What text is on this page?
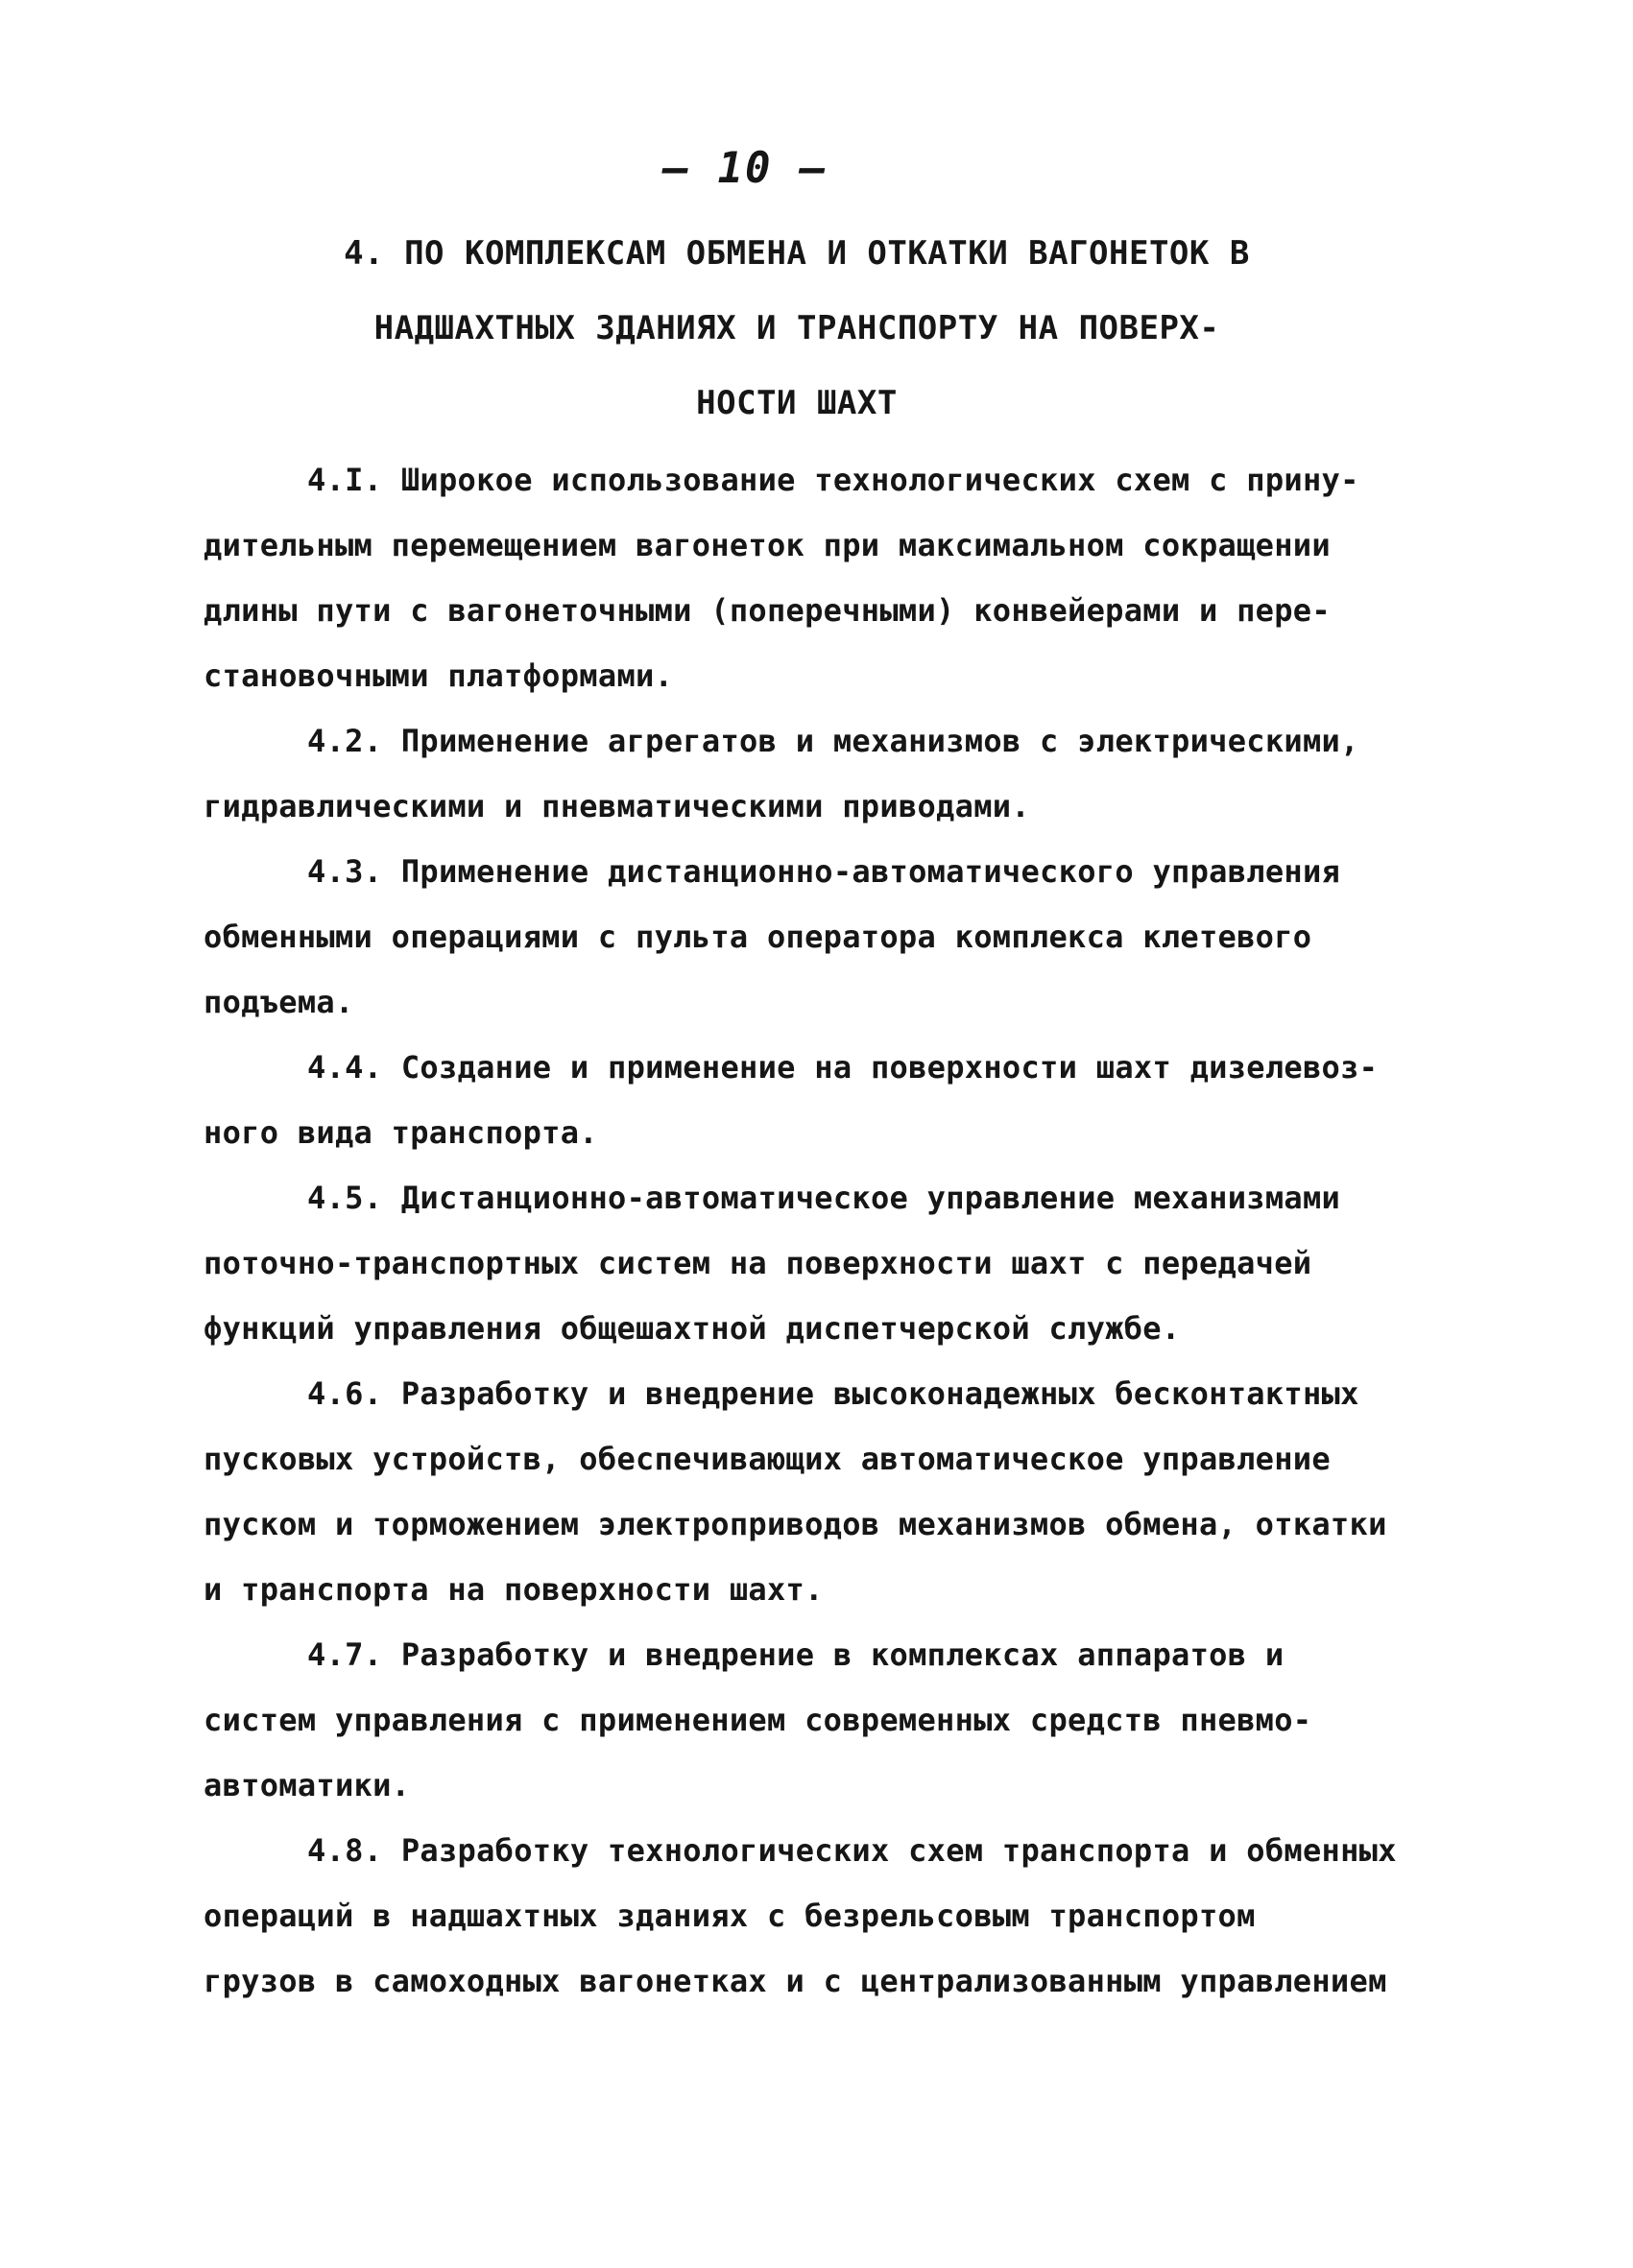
– 10 –
4. ПО КОМПЛЕКСАМ ОБМЕНА И ОТКАТКИ ВАГОНЕТОК В
НАДШАХТНЫХ ЗДАНИЯХ И ТРАНСПОРТУ НА ПОВЕРХ-
НОСТИ ШАХТ
4.I. Широкое использование технологических схем с прину-
дительным перемещением вагонеток при максимальном сокращении
длины пути с вагонеточными (поперечными) конвейерами и пере-
становочными платформами.
4.2. Применение агрегатов и механизмов с электрическими,
гидравлическими и пневматическими приводами.
4.3. Применение дистанционно-автоматического управления
обменными операциями с пульта оператора комплекса клетевого
подъема.
4.4. Создание и применение на поверхности шахт дизелевоз-
ного вида транспорта.
4.5. Дистанционно-автоматическое управление механизмами
поточно-транспортных систем на поверхности шахт с передачей
функций управления общешахтной диспетчерской службе.
4.6. Разработку и внедрение высоконадежных бесконтактных
пусковых устройств, обеспечивающих автоматическое управление
пуском и торможением электроприводов механизмов обмена, откатки
и транспорта на поверхности шахт.
4.7. Разработку и внедрение в комплексах аппаратов и
систем управления с применением современных средств пневмо-
автоматики.
4.8. Разработку технологических схем транспорта и обменных
операций в надшахтных зданиях с безрельсовым транспортом
грузов в самоходных вагонетках и с централизованным управлением
